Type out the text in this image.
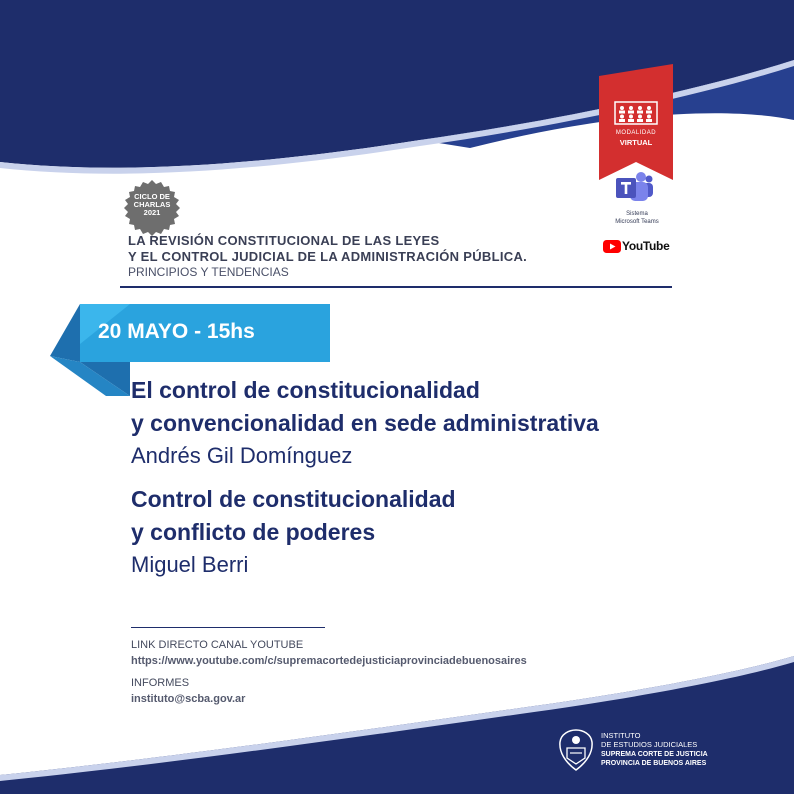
CICLO DE
CHARLAS
2021
LA REVISIÓN CONSTITUCIONAL DE LAS LEYES
Y EL CONTROL JUDICIAL DE LA ADMINISTRACIÓN PÚBLICA.
PRINCIPIOS Y TENDENCIAS
MODALIDAD
VIRTUAL
Sistema
Microsoft Teams
YouTube
20 MAYO - 15hs
El control de constitucionalidad
y convencionalidad en sede administrativa
Andrés Gil Domínguez
Control de constitucionalidad
y conflicto de poderes
Miguel Berri
LINK DIRECTO CANAL YOUTUBE
https://www.youtube.com/c/supremacortedejusticiaprovinciadebuenosaires
INFORMES
instituto@scba.gov.ar
INSTITUTO
DE ESTUDIOS JUDICIALES
SUPREMA CORTE DE JUSTICIA
PROVINCIA DE BUENOS AIRES
